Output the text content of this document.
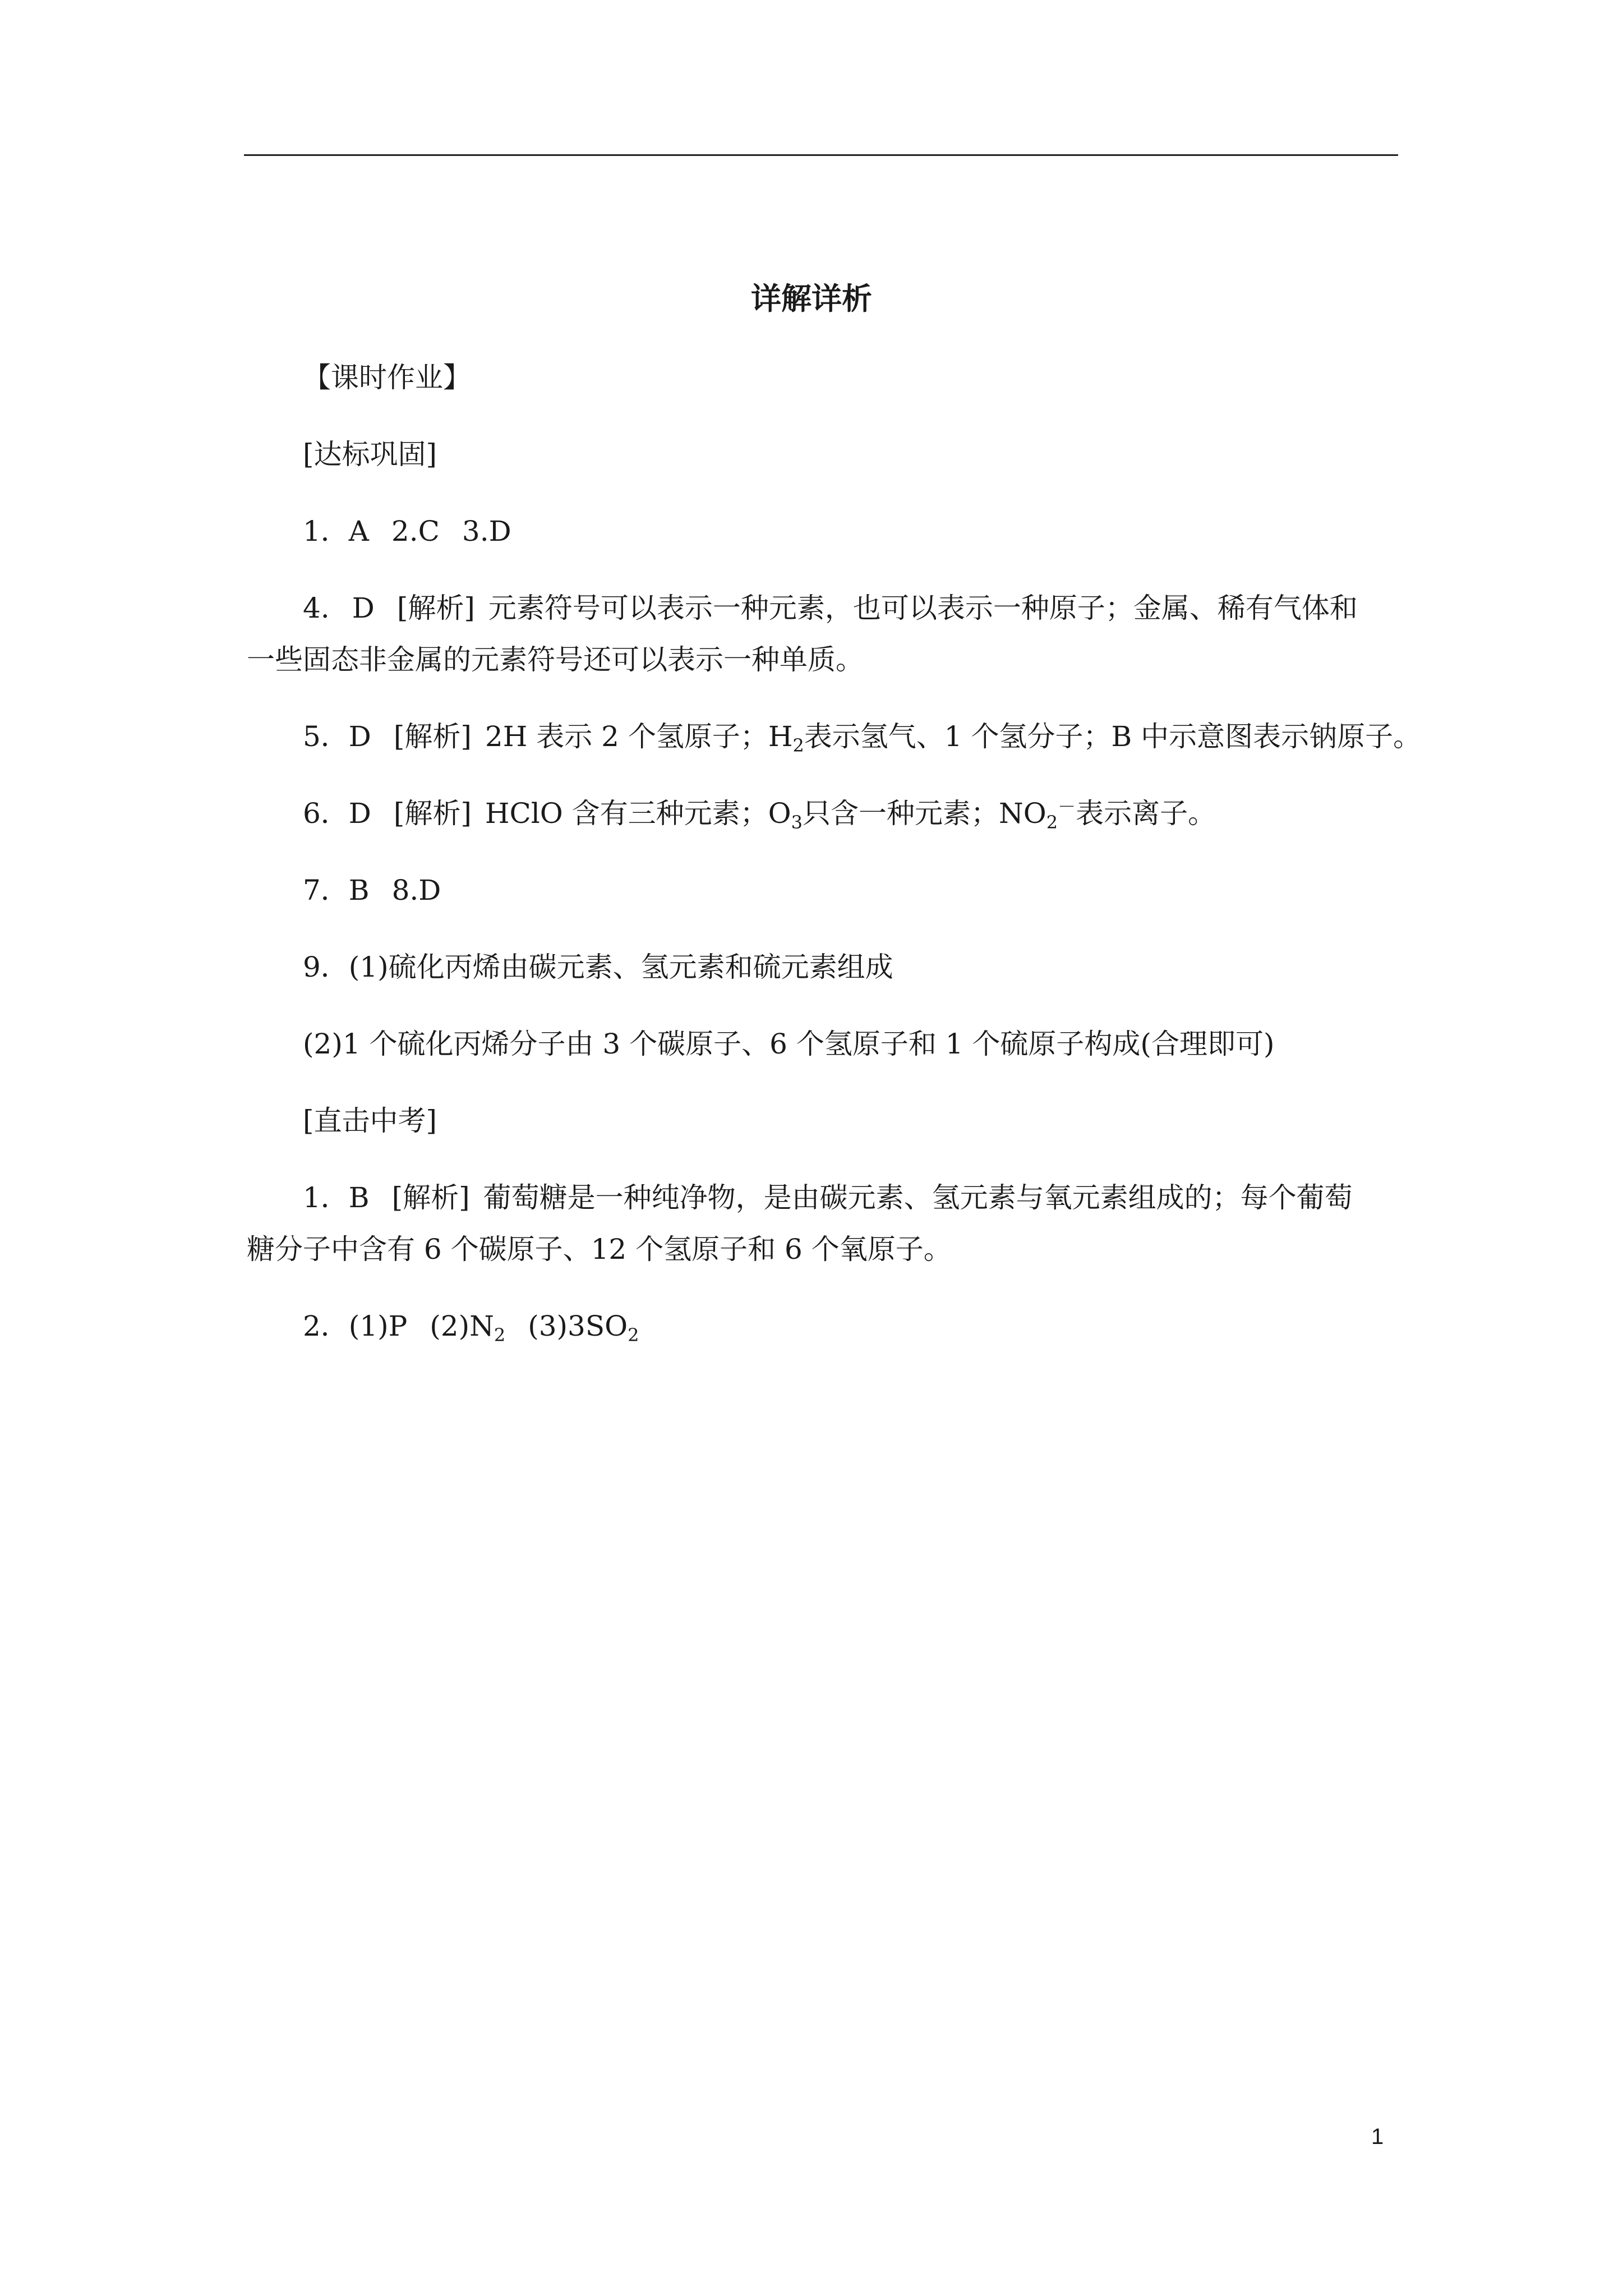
详解详析
【课时作业】
[达标巩固]
1．A 2.C 3.D
4. D [解析] 元素符号可以表示一种元素，也可以表示一种原子；金属、稀有气体和
一些固态非金属的元素符号还可以表示一种单质。
5．D [解析] 2H 表示 2 个氢原子；$H_2$表示氢气、1 个氢分子；B 中示意图表示钠原子。
6．D [解析] HClO 含有三种元素；$O_3$只含一种元素；$NO_2^-$表示离子。
7．B 8.D
9．(1)硫化丙烯由碳元素、氢元素和硫元素组成
(2)1 个硫化丙烯分子由 3 个碳原子、6 个氢原子和 1 个硫原子构成(合理即可)
[直击中考]
1．B [解析] 葡萄糖是一种纯净物，是由碳元素、氢元素与氧元素组成的；每个葡萄
糖分子中含有 6 个碳原子、12 个氢原子和 6 个氧原子。
2．(1)P $(2)N_2$ $(3)3SO_2$
1
